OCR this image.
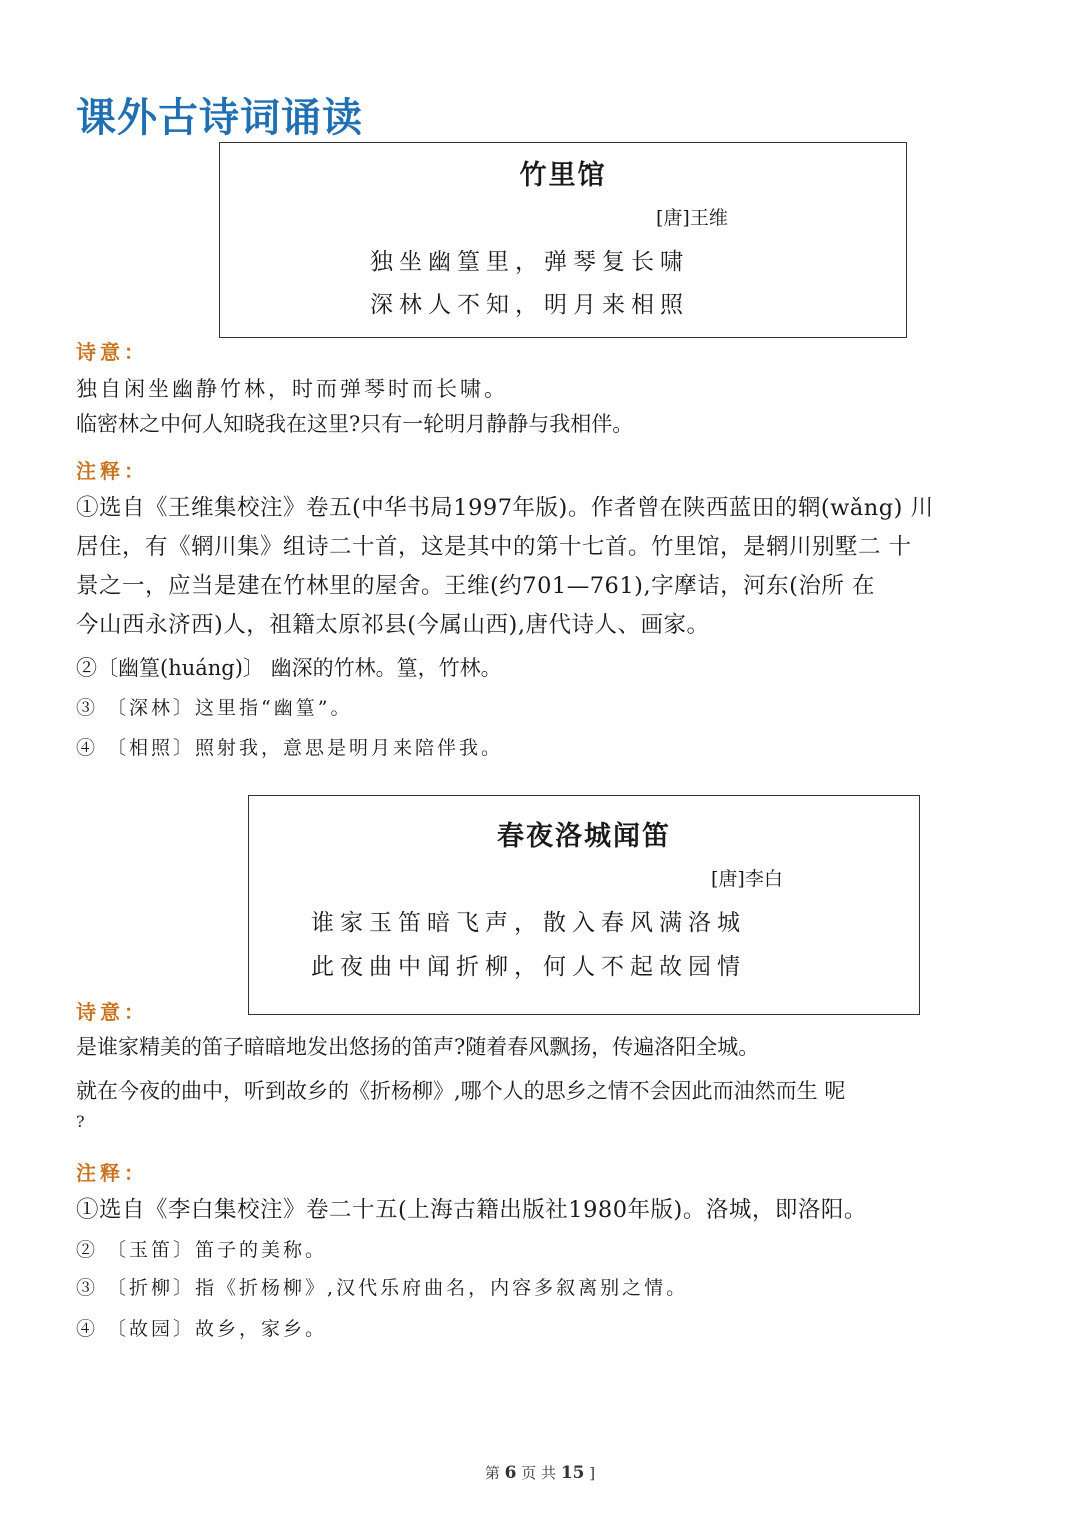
课外古诗词诵读
竹里馆
[唐]王维
独坐幽篁里，弹琴复长啸
深林人不知，明月来相照
诗意：
独自闲坐幽静竹林，时而弹琴时而长啸。
临密林之中何人知晓我在这里?只有一轮明月静静与我相伴。
注释：
①选自《王维集校注》卷五(中华书局1997年版)。作者曾在陕西蓝田的辋(wǎng) 川
居住，有《辋川集》组诗二十首，这是其中的第十七首。竹里馆，是辋川别墅二 十
景之一，应当是建在竹林里的屋舍。王维(约701—761),字摩诘，河东(治所 在
今山西永济西)人，祖籍太原祁县(今属山西),唐代诗人、画家。
②〔幽篁(huáng)〕 幽深的竹林。篁，竹林。
③ 〔深林〕这里指“幽篁”。
④ 〔相照〕照射我，意思是明月来陪伴我。
春夜洛城闻笛
[唐]李白
谁家玉笛暗飞声，散入春风满洛城
此夜曲中闻折柳，何人不起故园情
诗意：
是谁家精美的笛子暗暗地发出悠扬的笛声?随着春风飘扬，传遍洛阳全城。
就在今夜的曲中，听到故乡的《折杨柳》,哪个人的思乡之情不会因此而油然而生 呢
?
注释：
①选自《李白集校注》卷二十五(上海古籍出版社1980年版)。洛城，即洛阳。
② 〔玉笛〕笛子的美称。
③ 〔折柳〕指《折杨柳》,汉代乐府曲名，内容多叙离别之情。
④ 〔故园〕故乡，家乡。
第 6 页 共 15 ]
